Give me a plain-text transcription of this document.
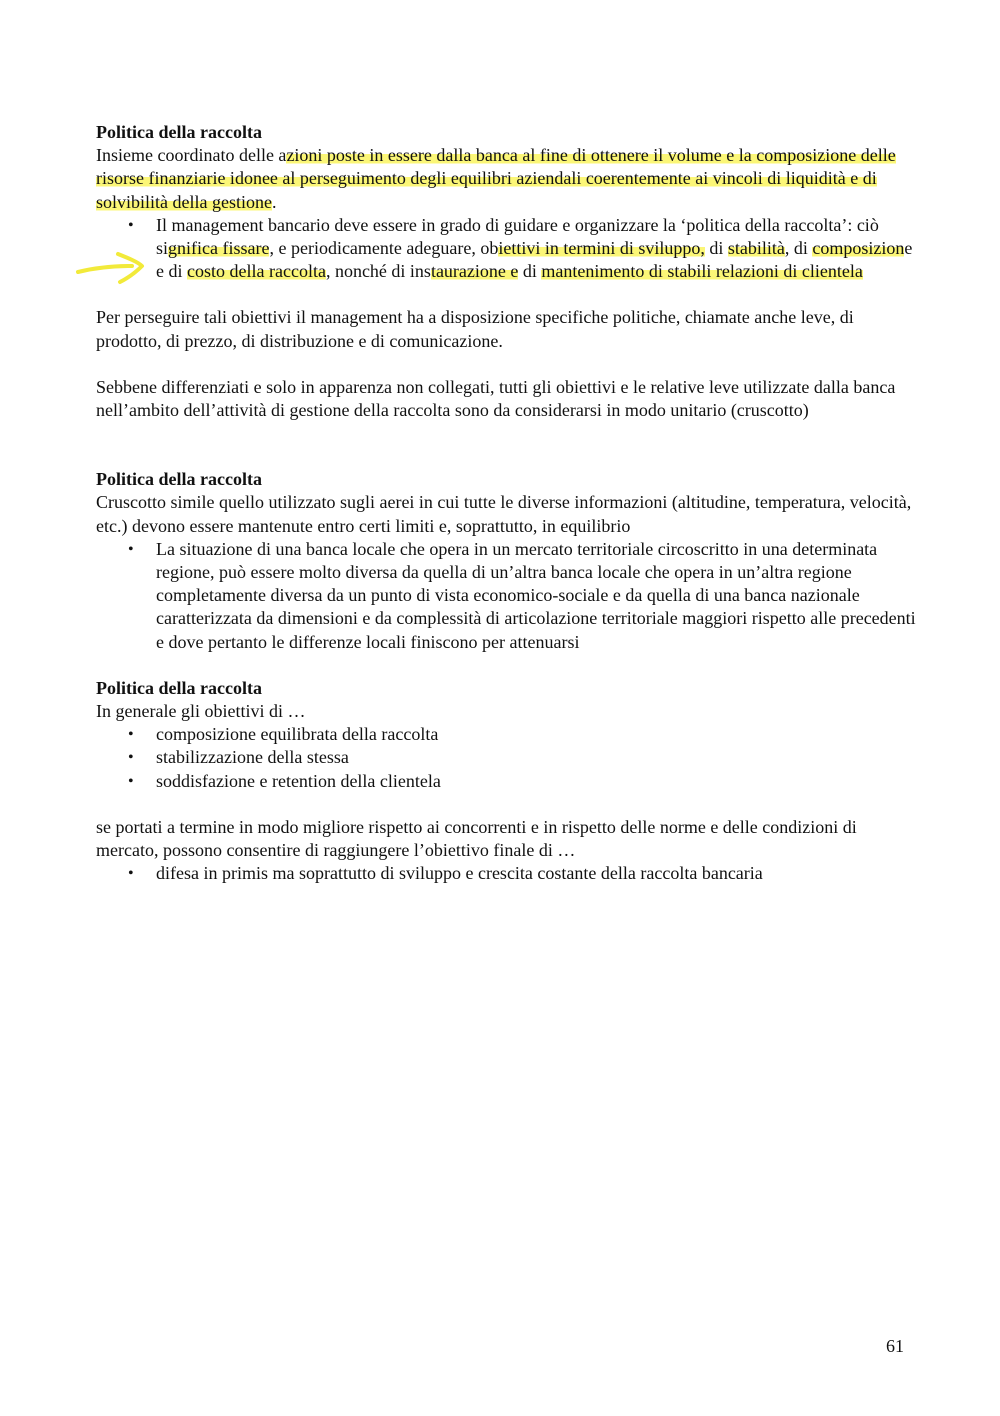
Politica della raccolta

Insieme coordinato delle azioni poste in essere dalla banca al fine di ottenere il volume e la composizione delle risorse finanziarie idonee al perseguimento degli equilibri aziendali coerentemente ai vincoli di liquidità e di solvibilità della gestione.

• Il management bancario deve essere in grado di guidare e organizzare la ‘politica della raccolta’: ciò significa fissare, e periodicamente adeguare, obiettivi in termini di sviluppo, di stabilità, di composizione e di costo della raccolta, nonché di instaurazione e di mantenimento di stabili relazioni di clientela

Per perseguire tali obiettivi il management ha a disposizione specifiche politiche, chiamate anche leve, di prodotto, di prezzo, di distribuzione e di comunicazione.

Sebbene differenziati e solo in apparenza non collegati, tutti gli obiettivi e le relative leve utilizzate dalla banca nell’ambito dell’attività di gestione della raccolta sono da considerarsi in modo unitario (cruscotto)

Politica della raccolta

Cruscotto simile quello utilizzato sugli aerei in cui tutte le diverse informazioni (altitudine, temperatura, velocità, etc.) devono essere mantenute entro certi limiti e, soprattutto, in equilibrio

• La situazione di una banca locale che opera in un mercato territoriale circoscritto in una determinata regione, può essere molto diversa da quella di un’altra banca locale che opera in un’altra regione completamente diversa da un punto di vista economico-sociale e da quella di una banca nazionale caratterizzata da dimensioni e da complessità di articolazione territoriale maggiori rispetto alle precedenti e dove pertanto le differenze locali finiscono per attenuarsi
Politica della raccolta

In generale gli obiettivi di …

• composizione equilibrata della raccolta
• stabilizzazione della stessa
• soddisfazione e retention della clientela

se portati a termine in modo migliore rispetto ai concorrenti e in rispetto delle norme e delle condizioni di mercato, possono consentire di raggiungere l’obiettivo finale di …

• difesa in primis ma soprattutto di sviluppo e crescita costante della raccolta bancaria
61
